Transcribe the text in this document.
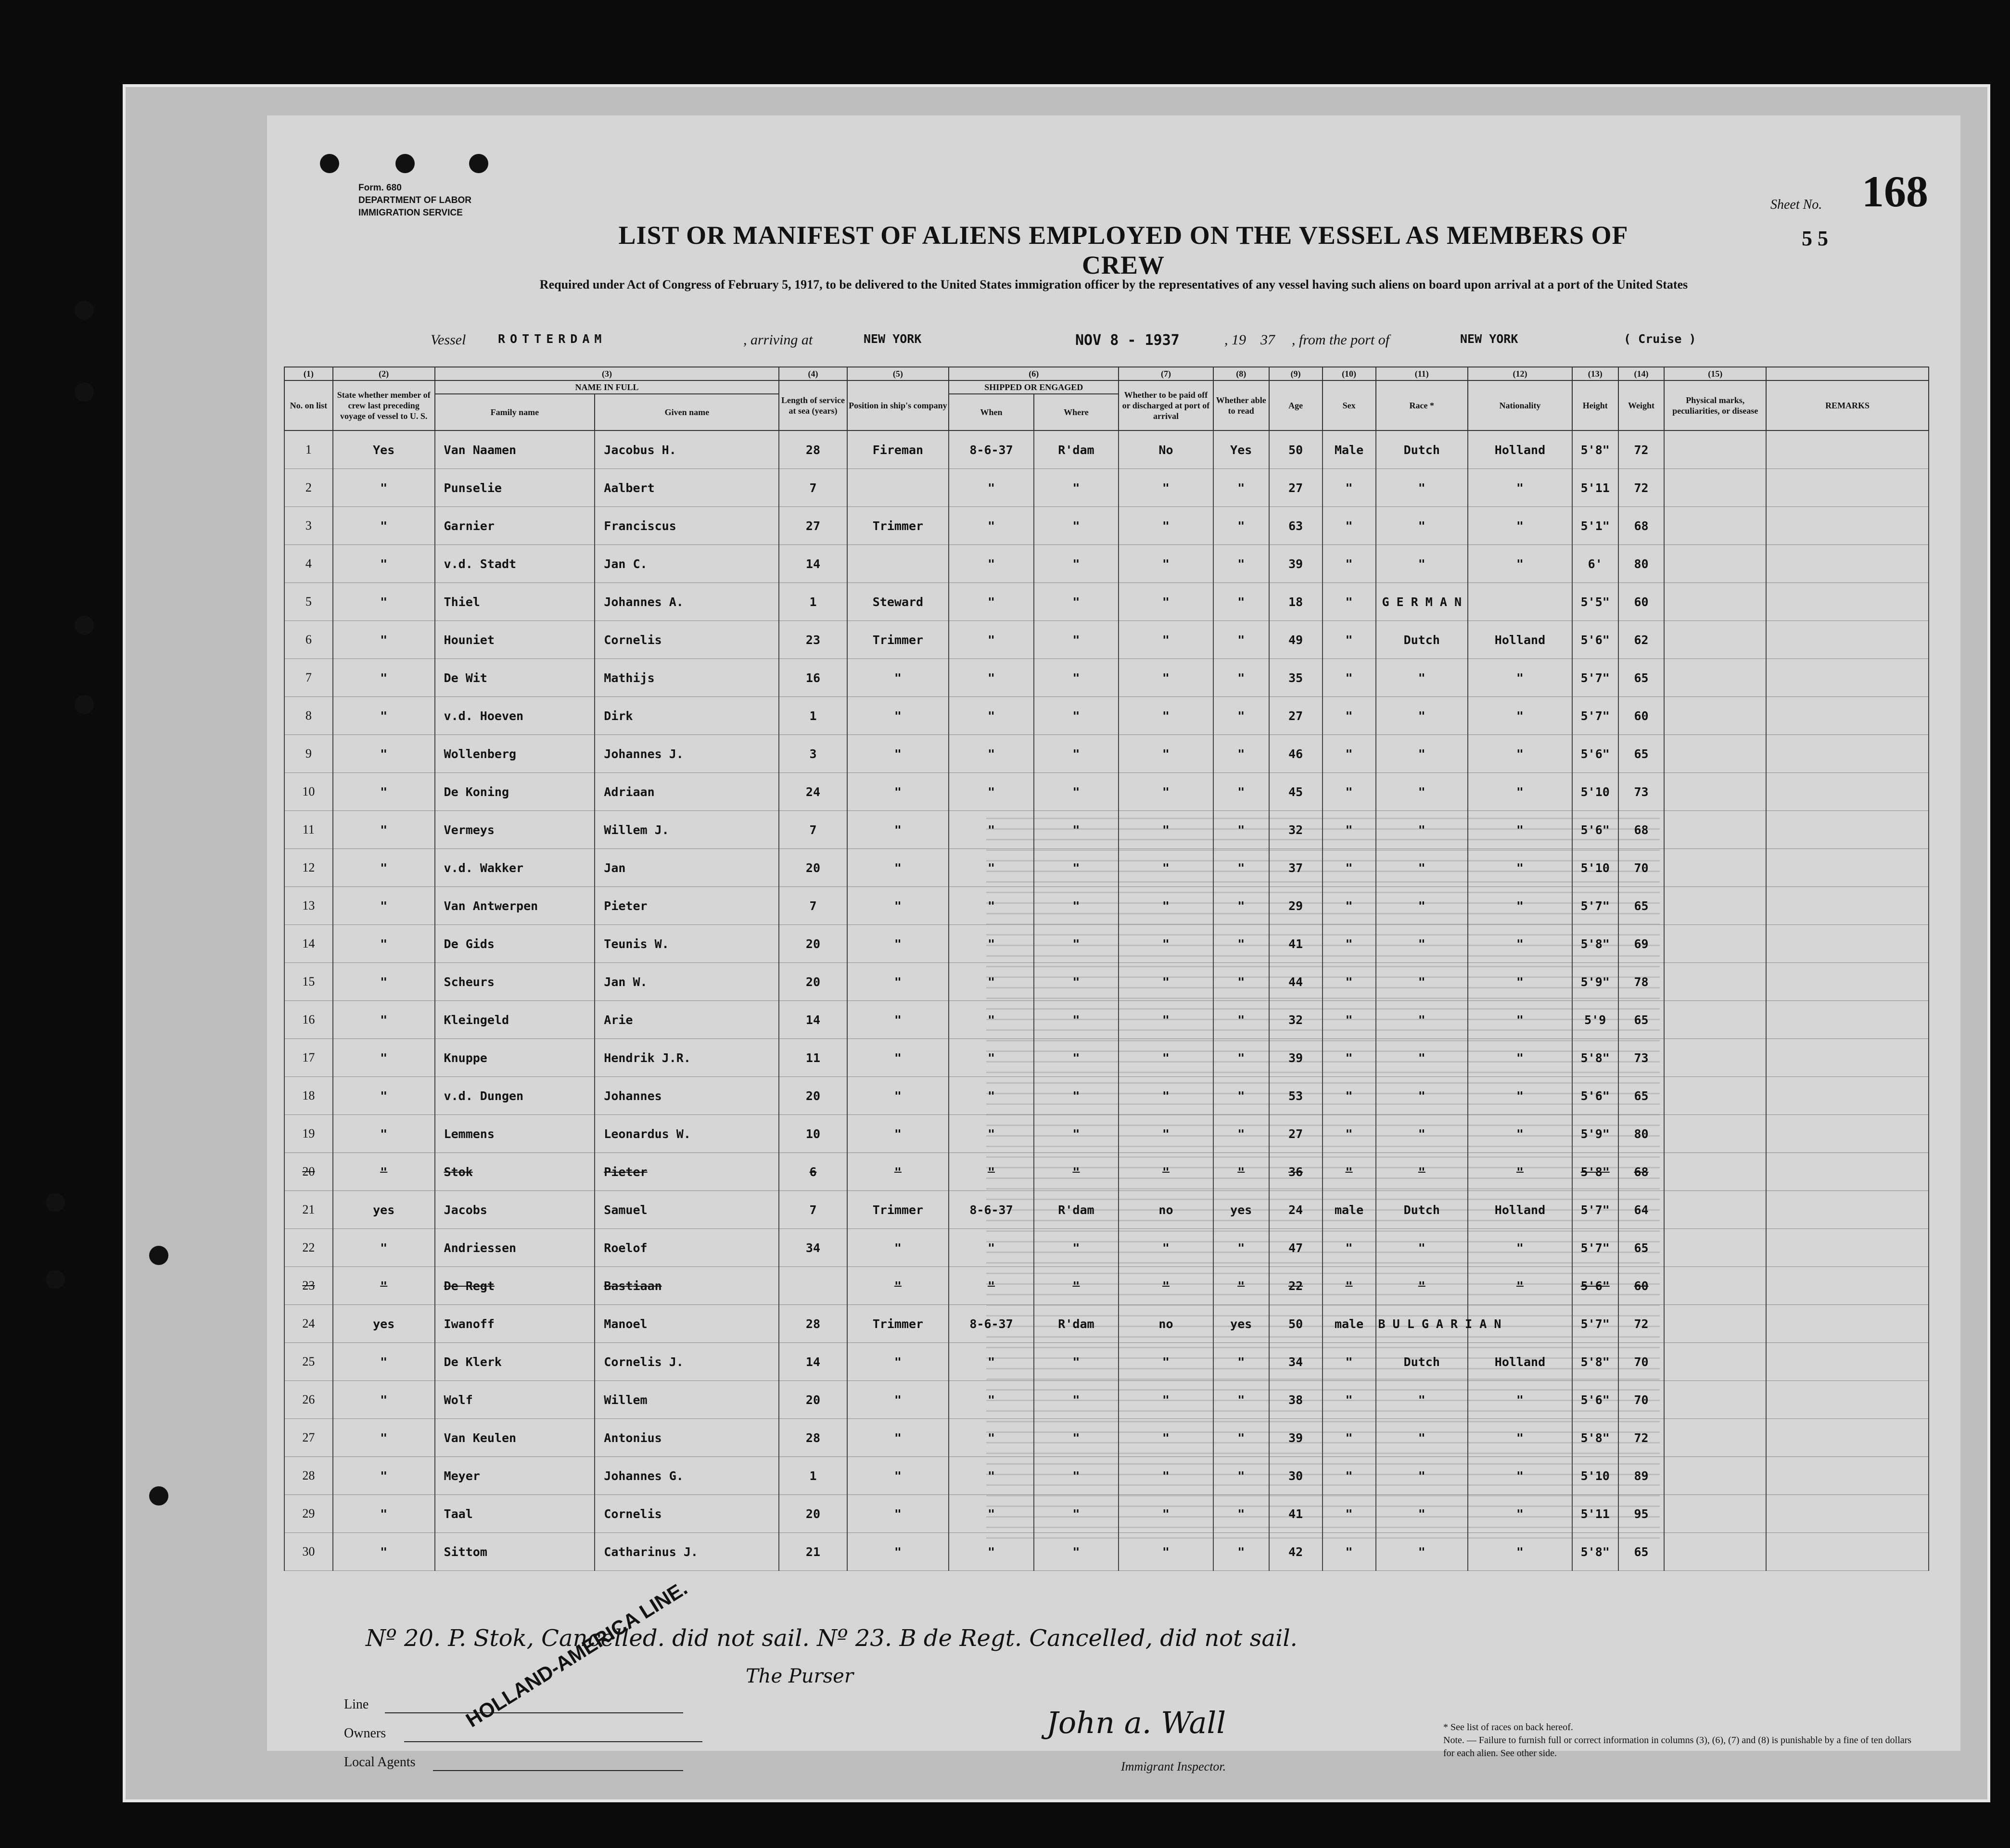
Form. 680
DEPARTMENT OF LABOR
IMMIGRATION SERVICE
Sheet No. 168
5 5
LIST OR MANIFEST OF ALIENS EMPLOYED ON THE VESSEL AS MEMBERS OF CREW
Required under Act of Congress of February 5, 1917, to be delivered to the United States immigration officer by the representatives of any vessel having such aliens on board upon arrival at a port of the United States
Vessel	ROTTERDAM	, arriving at	NEW YORK	NOV 8 - 1937	, 19 37 , from the port of	NEW YORK	( Cruise )
(1)	(2)	(3)		(4)	(5)	(6)		(7)	(8)	(9)	(10)	(11)	(12)	(13)	(14)	(15)	
No. on list	State whether member of crew last preceding voyage of vessel to U. S.	NAME IN FULL		Length of service at sea (years)	Position in ship's company	SHIPPED OR ENGAGED		Whether to be paid off or discharged at port of arrival	Whether able to read	Age	Sex	Race *	Nationality	Height	Weight	Physical marks, peculiarities, or disease	REMARKS
		Family name	Given name			When	Where										
1	Yes	Van Naamen	Jacobus H.	28	Fireman	8-6-37	R'dam	No	Yes	50	Male	Dutch	Holland	5'8"	72		
2	"	Punselie	Aalbert	7		"	"	"	"	27	"	"	"	5'11	72		
3	"	Garnier	Franciscus	27	Trimmer	"	"	"	"	63	"	"	"	5'1"	68		
4	"	v.d. Stadt	Jan C.	14		"	"	"	"	39	"	"	"	6'	80		
5	"	Thiel	Johannes A.	1	Steward	"	"	"	"	18	"	G E R M A N		5'5"	60		
6	"	Houniet	Cornelis	23	Trimmer	"	"	"	"	49	"	Dutch	Holland	5'6"	62		
7	"	De Wit	Mathijs	16	"	"	"	"	"	35	"	"	"	5'7"	65		
8	"	v.d. Hoeven	Dirk	1	"	"	"	"	"	27	"	"	"	5'7"	60		
9	"	Wollenberg	Johannes J.	3	"	"	"	"	"	46	"	"	"	5'6"	65		
10	"	De Koning	Adriaan	24	"	"	"	"	"	45	"	"	"	5'10	73		
11	"	Vermeys	Willem J.	7	"	"	"	"	"	32	"	"	"	5'6"	68		
12	"	v.d. Wakker	Jan	20	"	"	"	"	"	37	"	"	"	5'10	70		
13	"	Van Antwerpen	Pieter	7	"	"	"	"	"	29	"	"	"	5'7"	65		
14	"	De Gids	Teunis W.	20	"	"	"	"	"	41	"	"	"	5'8"	69		
15	"	Scheurs	Jan W.	20	"	"	"	"	"	44	"	"	"	5'9"	78		
16	"	Kleingeld	Arie	14	"	"	"	"	"	32	"	"	"	5'9	65		
17	"	Knuppe	Hendrik J.R.	11	"	"	"	"	"	39	"	"	"	5'8"	73		
18	"	v.d. Dungen	Johannes	20	"	"	"	"	"	53	"	"	"	5'6"	65		
19	"	Lemmens	Leonardus W.	10	"	"	"	"	"	27	"	"	"	5'9"	80		
20	"	Stok	Pieter	6	"	"	"	"	"	36	"	"	"	5'8"	68		
21	yes	Jacobs	Samuel	7	Trimmer	8-6-37	R'dam	no	yes	24	male	Dutch	Holland	5'7"	64		
22	"	Andriessen	Roelof	34	"	"	"	"	"	47	"	"	"	5'7"	65		
23	"	De Regt	Bastiaan		"	"	"	"	"	22	"	"	"	5'6"	60		
24	yes	Iwanoff	Manoel	28	Trimmer	8-6-37	R'dam	no	yes	50	male	B U L G A R I A N		5'7"	72		
25	"	De Klerk	Cornelis J.	14	"	"	"	"	"	34	"	Dutch	Holland	5'8"	70		
26	"	Wolf	Willem	20	"	"	"	"	"	38	"	"	"	5'6"	70		
27	"	Van Keulen	Antonius	28	"	"	"	"	"	39	"	"	"	5'8"	72		
28	"	Meyer	Johannes G.	1	"	"	"	"	"	30	"	"	"	5'10	89		
29	"	Taal	Cornelis	20	"	"	"	"	"	41	"	"	"	5'11	95		
30	"	Sittom	Catharinus J.	21	"	"	"	"	"	42	"	"	"	5'8"	65		
Nº 20. P. Stok, Cancelled. did not sail. Nº 23. B de Regt. Cancelled, did not sail.
The Purser
Line
Owners
Local Agents
HOLLAND-AMERICA LINE.	John a. Wall
Immigrant Inspector.
* See list of races on back hereof.
Note. — Failure to furnish full or correct information in columns (3), (6), (7) and (8) is punishable by a fine of ten dollars for each alien. See other side.
